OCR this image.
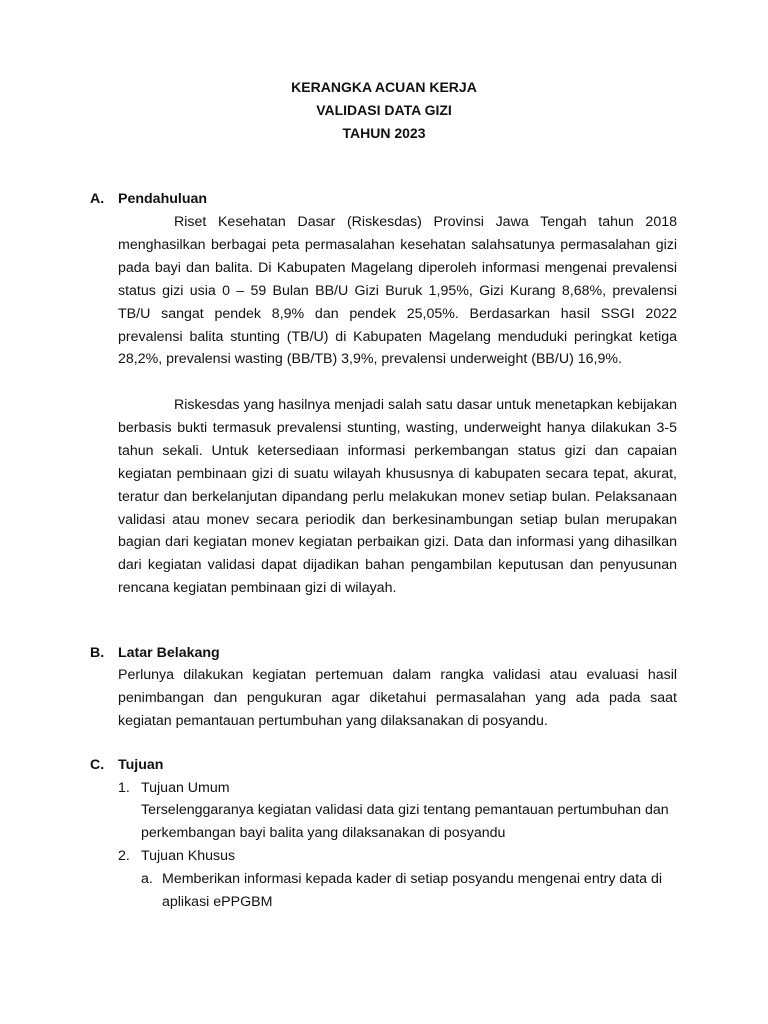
KERANGKA ACUAN KERJA
VALIDASI DATA GIZI
TAHUN 2023
A. Pendahuluan
Riset Kesehatan Dasar (Riskesdas) Provinsi Jawa Tengah tahun 2018 menghasilkan berbagai peta permasalahan kesehatan salahsatunya permasalahan gizi pada bayi dan balita. Di Kabupaten Magelang diperoleh informasi mengenai prevalensi status gizi usia 0 – 59 Bulan BB/U Gizi Buruk 1,95%, Gizi Kurang 8,68%, prevalensi TB/U sangat pendek 8,9% dan pendek 25,05%. Berdasarkan hasil SSGI 2022 prevalensi balita stunting (TB/U) di Kabupaten Magelang menduduki peringkat ketiga 28,2%, prevalensi wasting (BB/TB) 3,9%, prevalensi underweight (BB/U) 16,9%.
Riskesdas yang hasilnya menjadi salah satu dasar untuk menetapkan kebijakan berbasis bukti termasuk prevalensi stunting, wasting, underweight hanya dilakukan 3-5 tahun sekali. Untuk ketersediaan informasi perkembangan status gizi dan capaian kegiatan pembinaan gizi di suatu wilayah khususnya di kabupaten secara tepat, akurat, teratur dan berkelanjutan dipandang perlu melakukan monev setiap bulan. Pelaksanaan validasi atau monev secara periodik dan berkesinambungan setiap bulan merupakan bagian dari kegiatan monev kegiatan perbaikan gizi. Data dan informasi yang dihasilkan dari kegiatan validasi dapat dijadikan bahan pengambilan keputusan dan penyusunan rencana kegiatan pembinaan gizi di wilayah.
B. Latar Belakang
Perlunya dilakukan kegiatan pertemuan dalam rangka validasi atau evaluasi hasil penimbangan dan pengukuran agar diketahui permasalahan yang ada pada saat kegiatan pemantauan pertumbuhan yang dilaksanakan di posyandu.
C. Tujuan
1. Tujuan Umum
Terselenggaranya kegiatan validasi data gizi tentang pemantauan pertumbuhan dan perkembangan bayi balita yang dilaksanakan di posyandu
2. Tujuan Khusus
a. Memberikan informasi kepada kader di setiap posyandu mengenai entry data di aplikasi ePPGBM
